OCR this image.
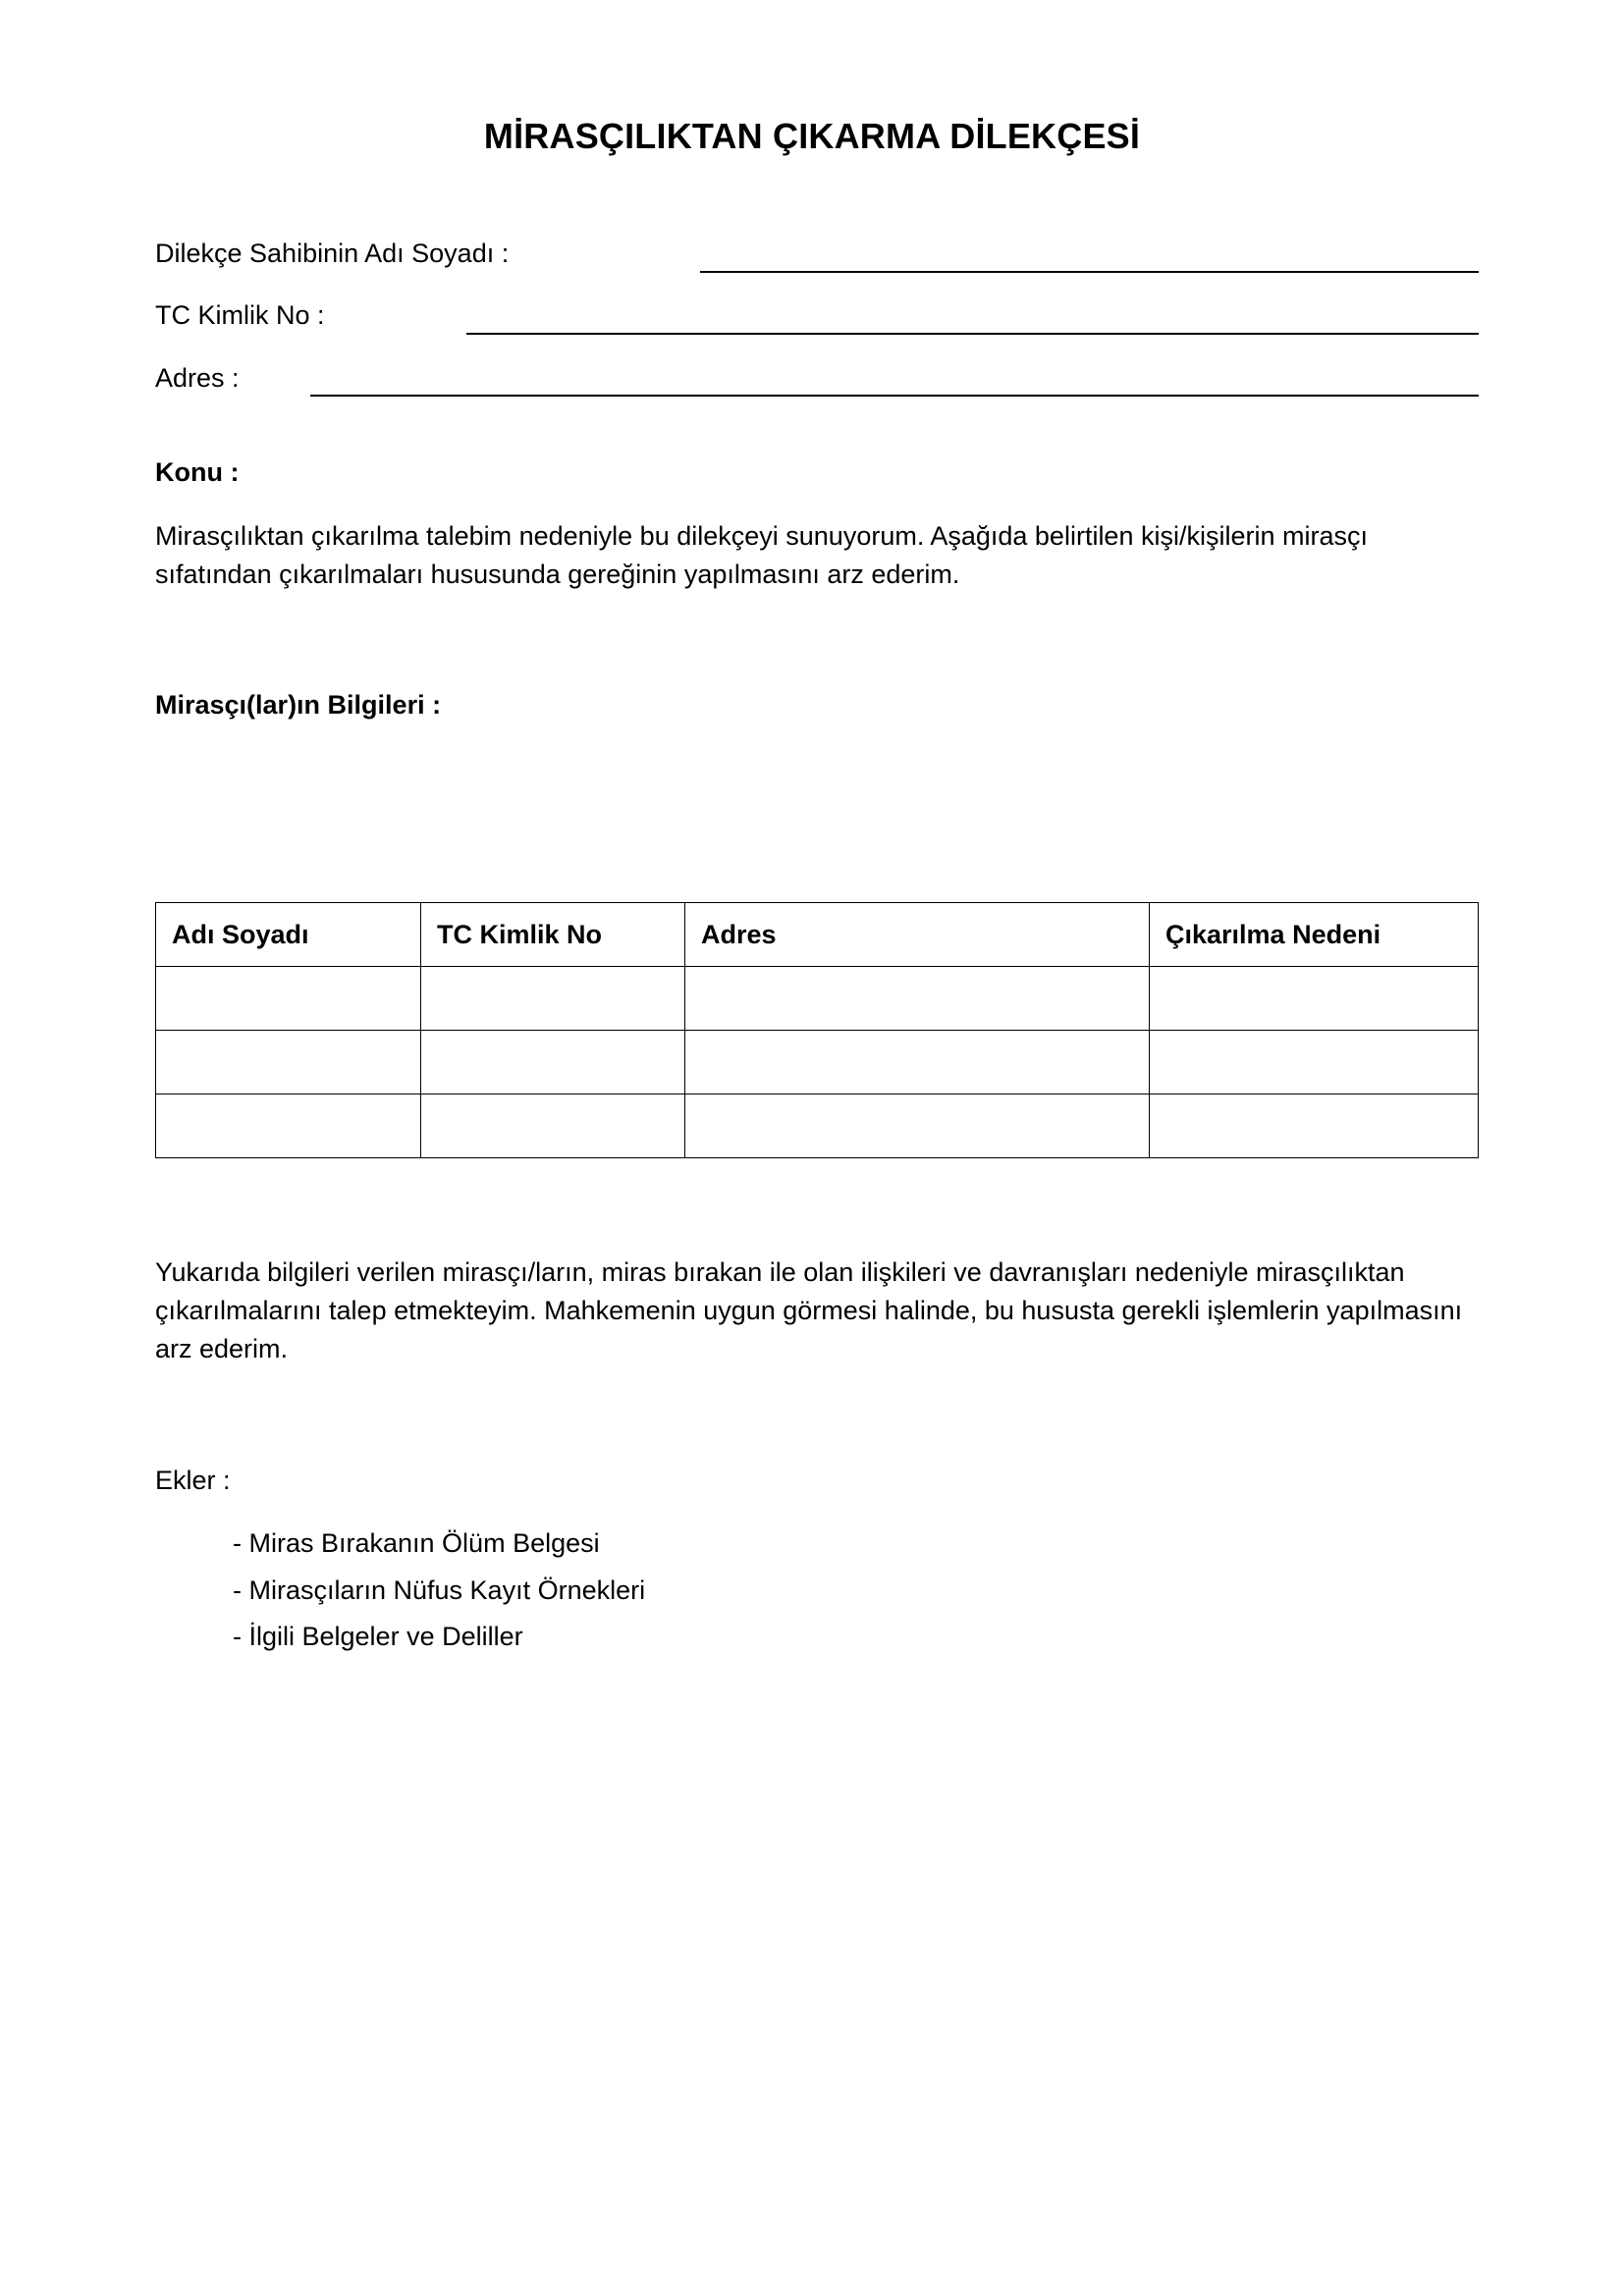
MİRASÇILIKTAN ÇIKARMA DİLEKÇESİ
Dilekçe Sahibinin Adı Soyadı :
TC Kimlik No :
Adres :
Konu :
Mirasçılıktan çıkarılma talebim nedeniyle bu dilekçeyi sunuyorum. Aşağıda belirtilen kişi/kişilerin mirasçı sıfatından çıkarılmaları hususunda gereğinin yapılmasını arz ederim.
Mirasçı(lar)ın Bilgileri :
Adı Soyadı	TC Kimlik No	Adres	Çıkarılma Nedeni

Yukarıda bilgileri verilen mirasçı/ların, miras bırakan ile olan ilişkileri ve davranışları nedeniyle mirasçılıktan çıkarılmalarını talep etmekteyim. Mahkemenin uygun görmesi halinde, bu hususta gerekli işlemlerin yapılmasını arz ederim.
Ekler :
- Miras Bırakanın Ölüm Belgesi
- Mirasçıların Nüfus Kayıt Örnekleri
- İlgili Belgeler ve Deliller
